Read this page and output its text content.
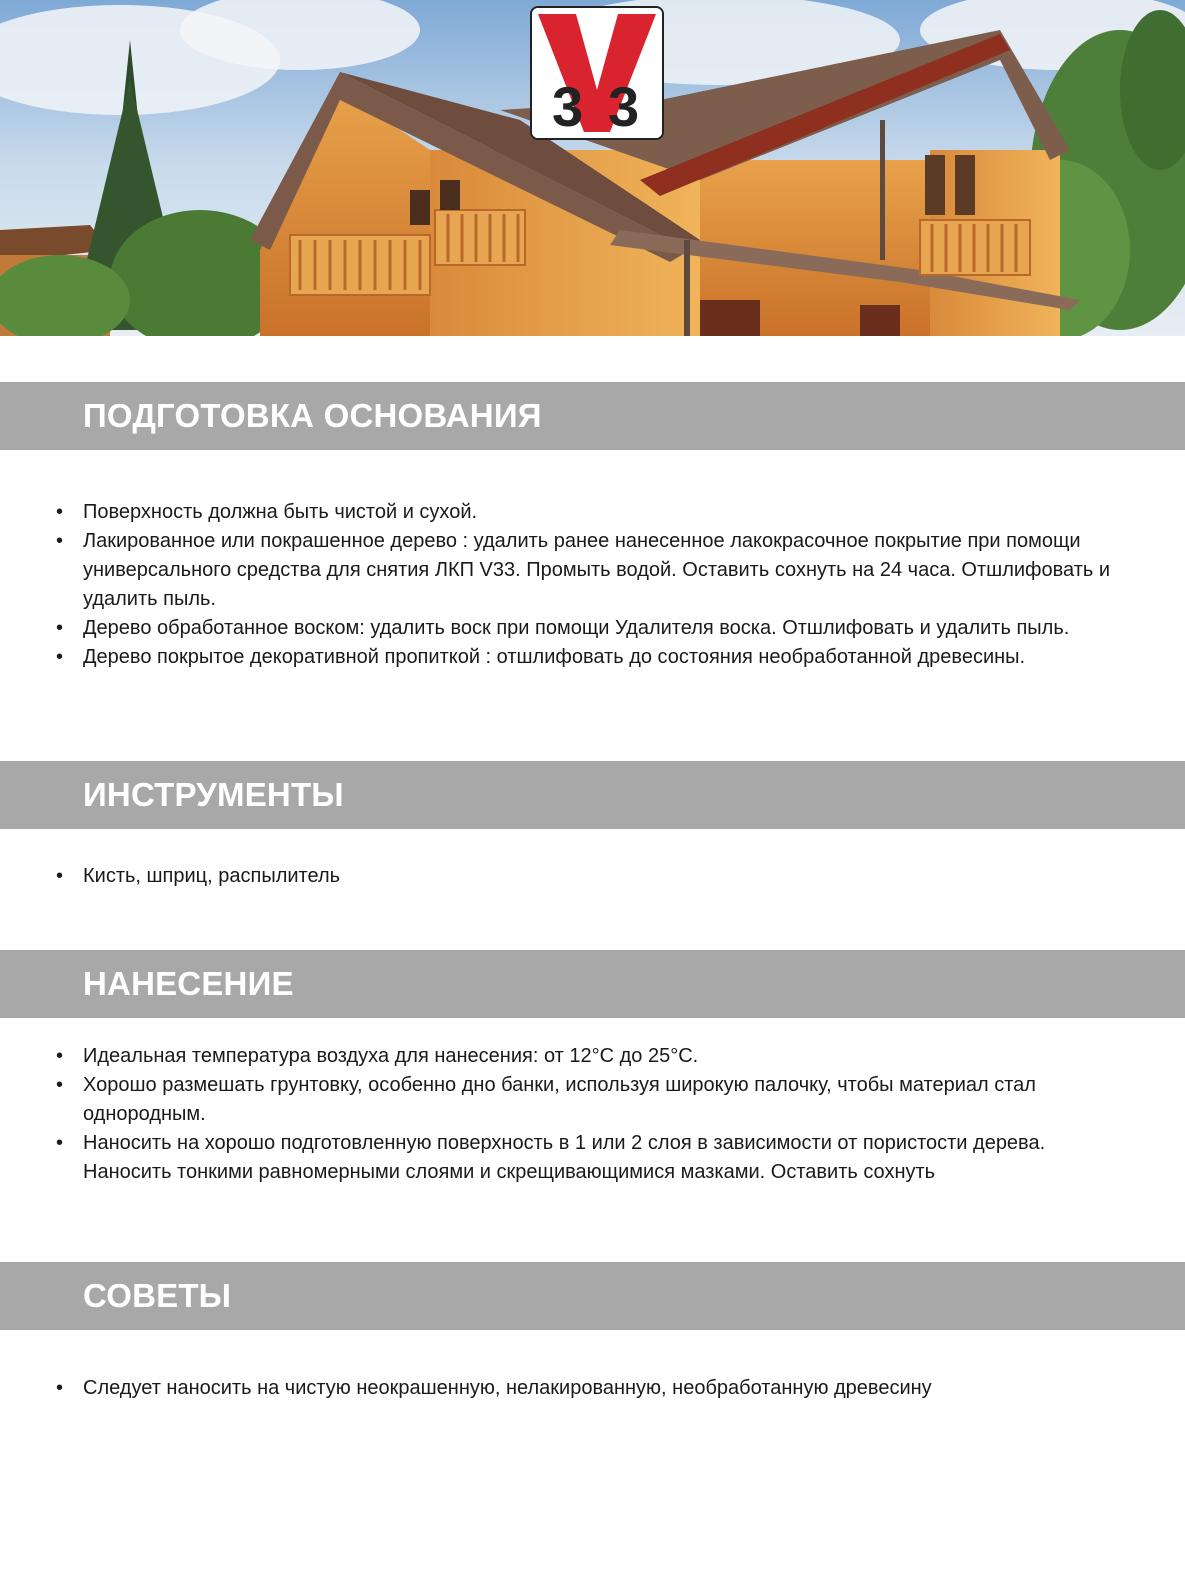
3 3
ПОДГОТОВКА ОСНОВАНИЯ
• Поверхность должна быть чистой и сухой.
• Лакированное или покрашенное дерево : удалить ранее нанесенное лакокрасочное покрытие при помощи универсального средства для снятия ЛКП V33. Промыть водой. Оставить сохнуть на 24 часа. Отшлифовать и удалить пыль.
• Дерево обработанное воском: удалить воск при помощи Удалителя воска. Отшлифовать и удалить пыль.
• Дерево покрытое декоративной пропиткой : отшлифовать до состояния необработанной древесины.
ИНСТРУМЕНТЫ
• Кисть, шприц, распылитель
НАНЕСЕНИЕ
• Идеальная температура воздуха для нанесения: от 12°С до 25°С.
• Хорошо размешать грунтовку, особенно дно банки, используя широкую палочку, чтобы материал стал однородным.
• Наносить на хорошо подготовленную поверхность в 1 или 2 слоя в зависимости от пористости дерева. Наносить тонкими равномерными слоями и скрещивающимися мазками. Оставить сохнуть
СОВЕТЫ
• Следует наносить на чистую неокрашенную, нелакированную, необработанную древесину
